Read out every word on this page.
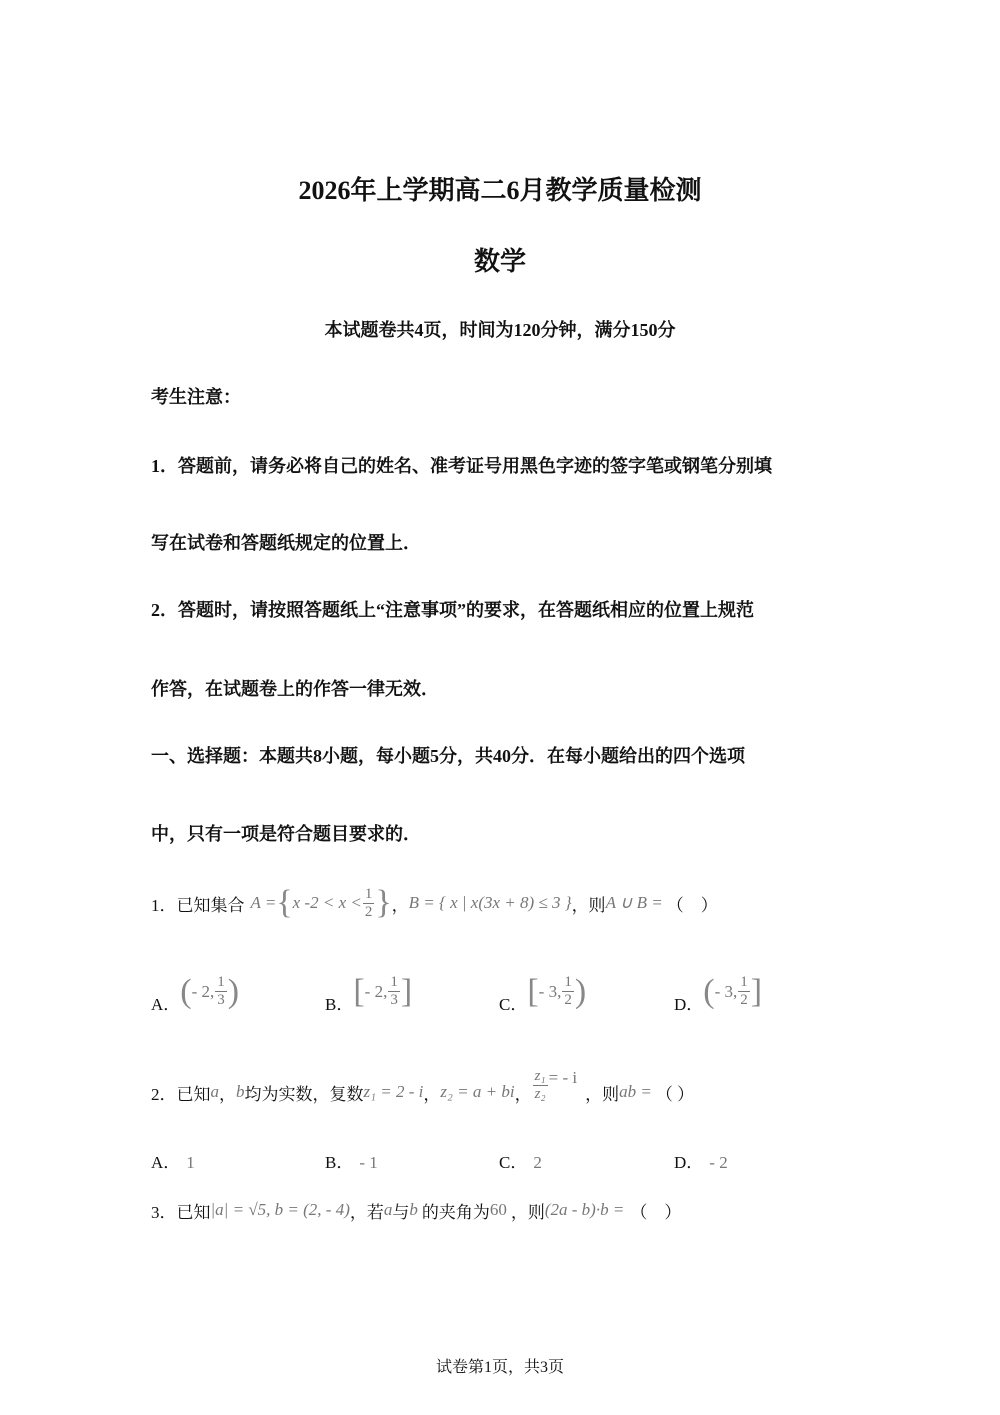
2026年上学期高二6月教学质量检测
数学
本试题卷共4页，时间为120分钟，满分150分
考生注意：
1．答题前，请务必将自己的姓名、准考证号用黑色字迹的签字笔或钢笔分别填
写在试卷和答题纸规定的位置上．
2．答题时，请按照答题纸上“注意事项”的要求，在答题纸相应的位置上规范
作答，在试题卷上的作答一律无效．
一、选择题：本题共8小题，每小题5分，共40分．在每小题给出的四个选项
中，只有一项是符合题目要求的．
1．已知集合 A = { x $-2 < x < \frac{1}{2}$ } ， B = { x | x(3x + 8) ≤ 3 } ，则 A ∪ B = （　）
A． ( - 2, $\frac{1}{3}$ )	B． [ - 2, $\frac{1}{3}$ ]	C． [ - 3, $\frac{1}{2}$ )	D． ( - 3, $\frac{1}{2}$ ]
2．已知 a ， b 均为实数，复数 z₁ = 2 - i ， z₂ = a + bi ， $\frac{\text{z₁}}{\text{z₂}}$ = - i
，则 ab = （ ）
A． 1	B． - 1	C． 2	D． - 2
3．已知 |a| = √5, b = (2, - 4) ，若 a 与 b 的夹角为 60 ，则 (2a - b)·b = （　）
试卷第1页，共3页
